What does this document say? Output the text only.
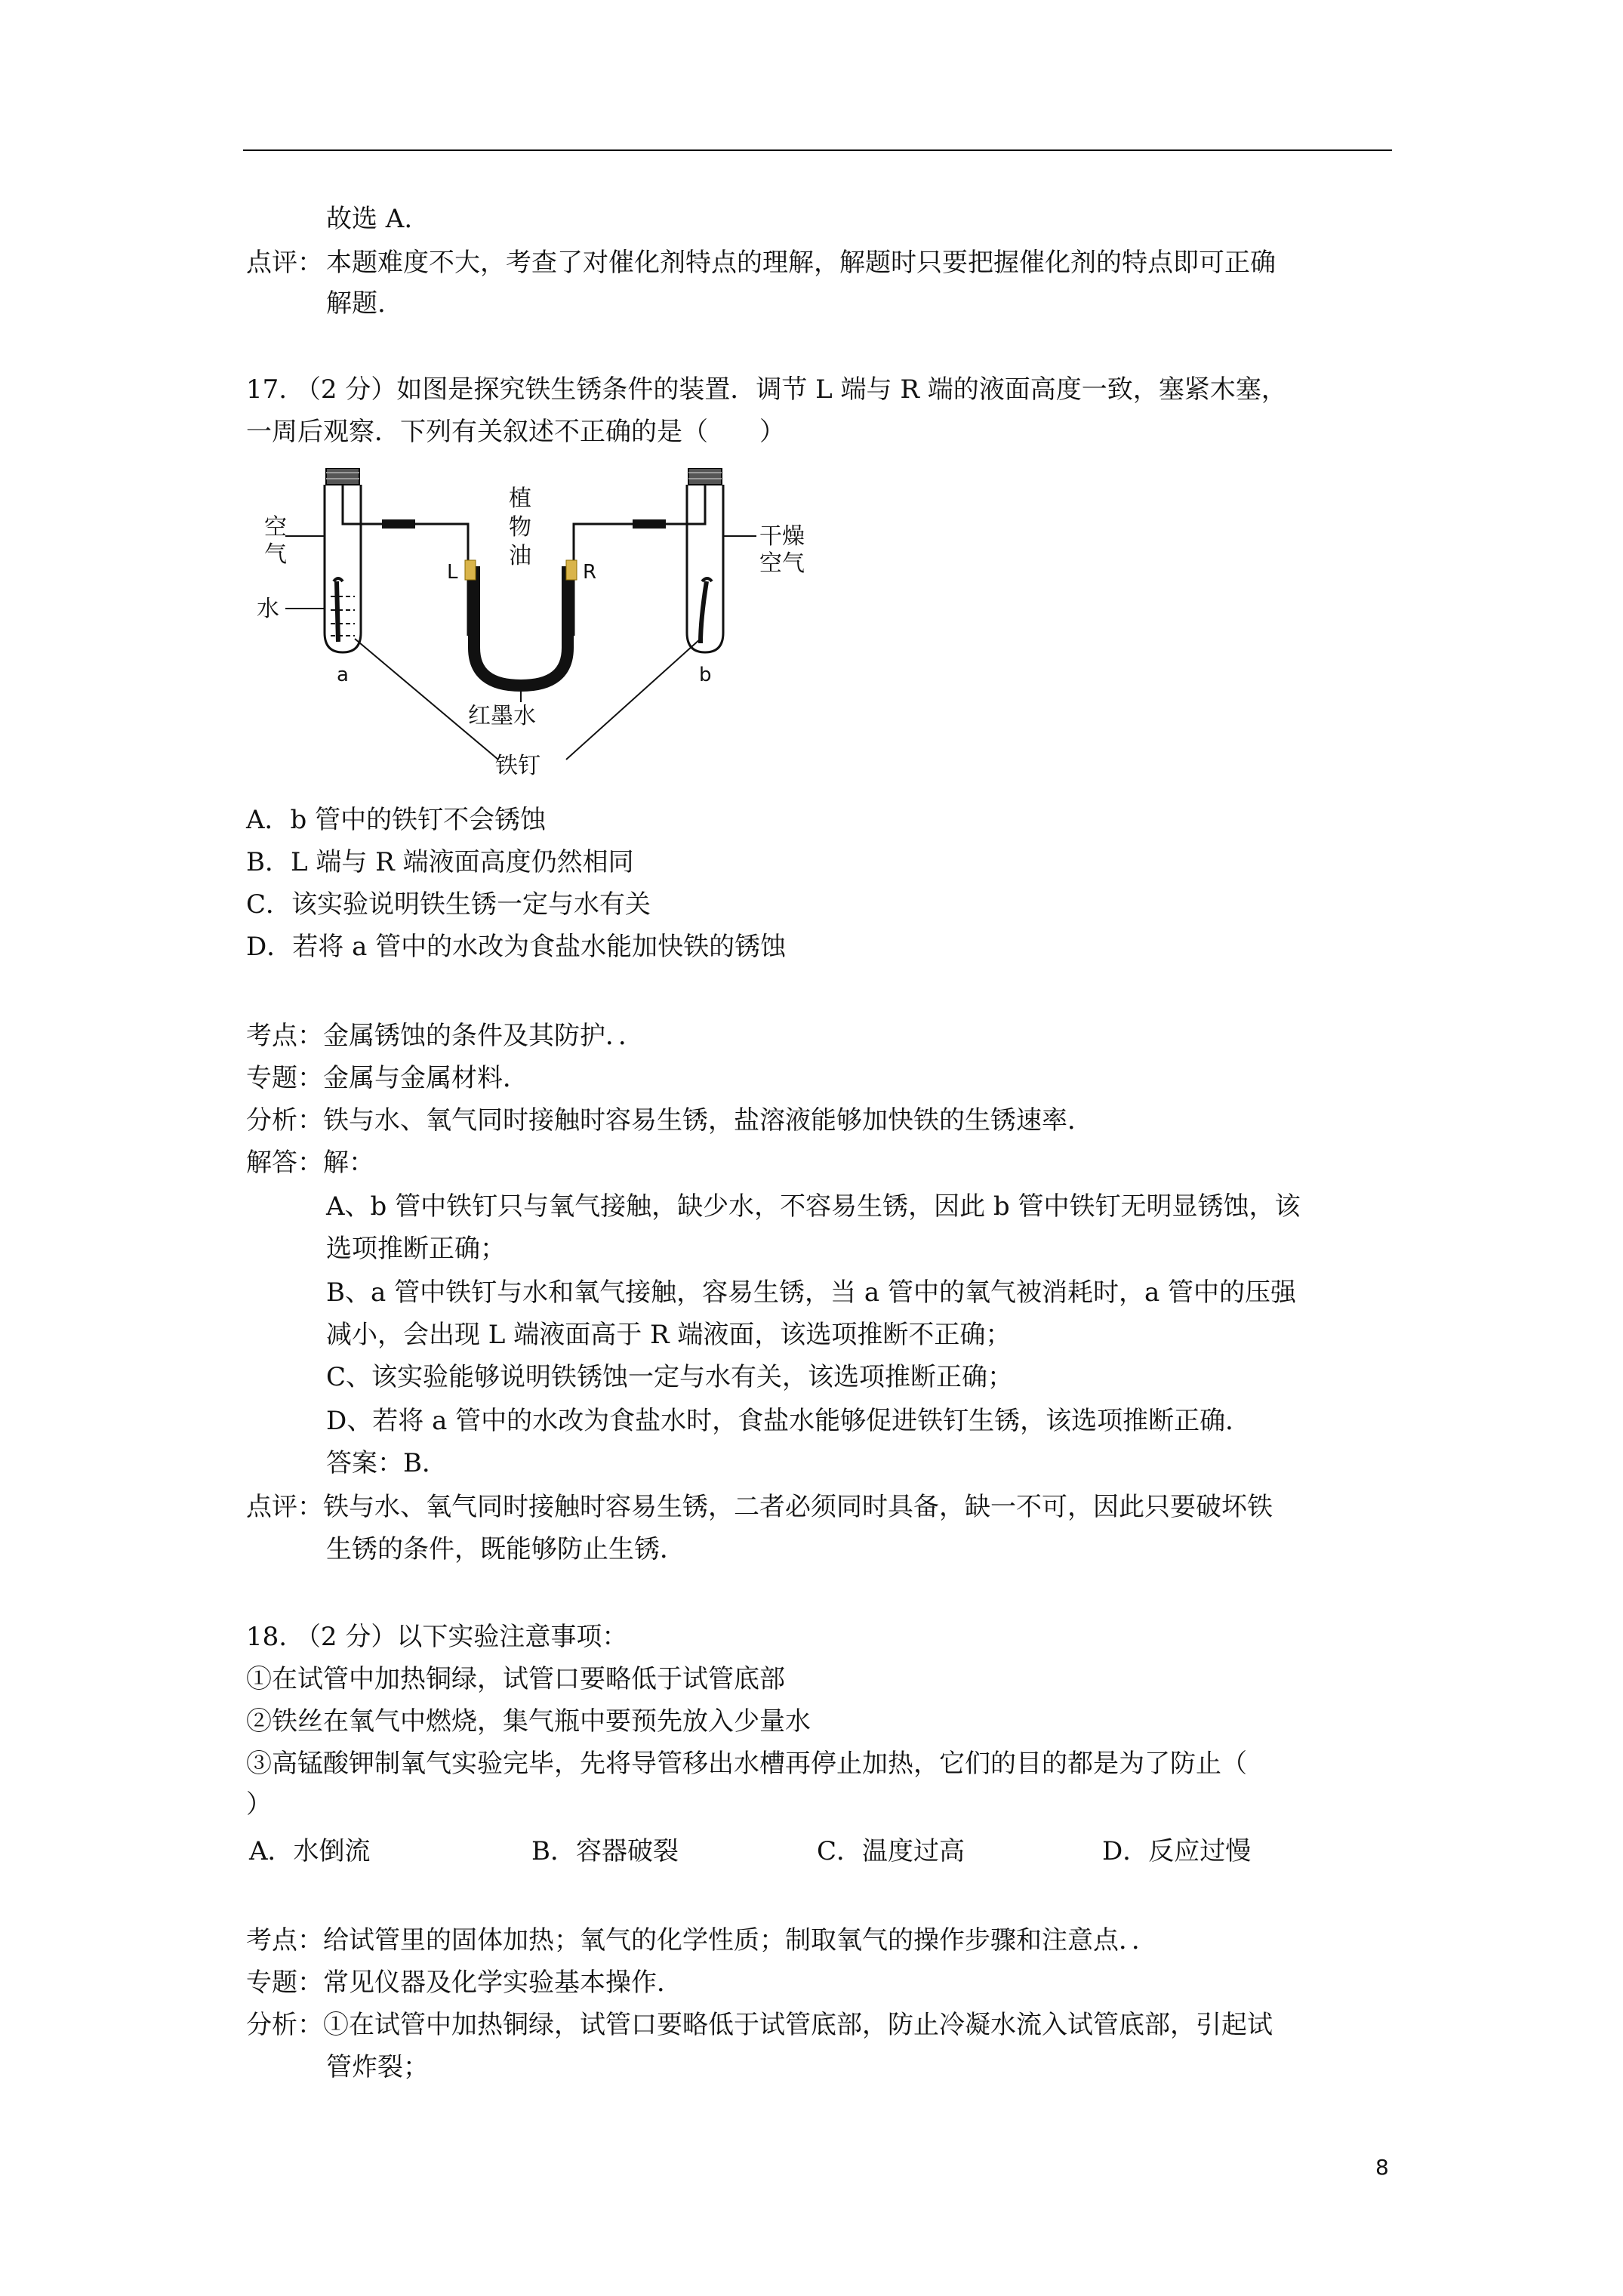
故选 A.
点评： 本题难度不大，考查了对催化剂特点的理解，解题时只要把握催化剂的特点即可正确
解题.
17. （2 分）如图是探究铁生锈条件的装置．调节 L 端与 R 端的液面高度一致，塞紧木塞，
一周后观察．下列有关叙述不正确的是（　　）
空
气
水
a	b
植
物
油
L	R
干燥
空气
红墨水
铁钉
A．b 管中的铁钉不会锈蚀
B．L 端与 R 端液面高度仍然相同
C．该实验说明铁生锈一定与水有关
D．若将 a 管中的水改为食盐水能加快铁的锈蚀
考点：金属锈蚀的条件及其防护．．
专题：金属与金属材料．
分析：铁与水、氧气同时接触时容易生锈，盐溶液能够加快铁的生锈速率．
解答：解：
A、b 管中铁钉只与氧气接触，缺少水，不容易生锈，因此 b 管中铁钉无明显锈蚀，该
选项推断正确；
B、a 管中铁钉与水和氧气接触，容易生锈，当 a 管中的氧气被消耗时，a 管中的压强
减小，会出现 L 端液面高于 R 端液面，该选项推断不正确；
C、该实验能够说明铁锈蚀一定与水有关，该选项推断正确；
D、若将 a 管中的水改为食盐水时，食盐水能够促进铁钉生锈，该选项推断正确．
答案：B．
点评：铁与水、氧气同时接触时容易生锈，二者必须同时具备，缺一不可，因此只要破坏铁
生锈的条件，既能够防止生锈．
18. （2 分）以下实验注意事项：
①在试管中加热铜绿，试管口要略低于试管底部
②铁丝在氧气中燃烧，集气瓶中要预先放入少量水
③高锰酸钾制氧气实验完毕，先将导管移出水槽再停止加热，它们的目的都是为了防止（
）
A．水倒流	B．容器破裂	C．温度过高	D．反应过慢
考点：给试管里的固体加热；氧气的化学性质；制取氧气的操作步骤和注意点．．
专题：常见仪器及化学实验基本操作．
分析：①在试管中加热铜绿，试管口要略低于试管底部，防止冷凝水流入试管底部，引起试
管炸裂；
8
